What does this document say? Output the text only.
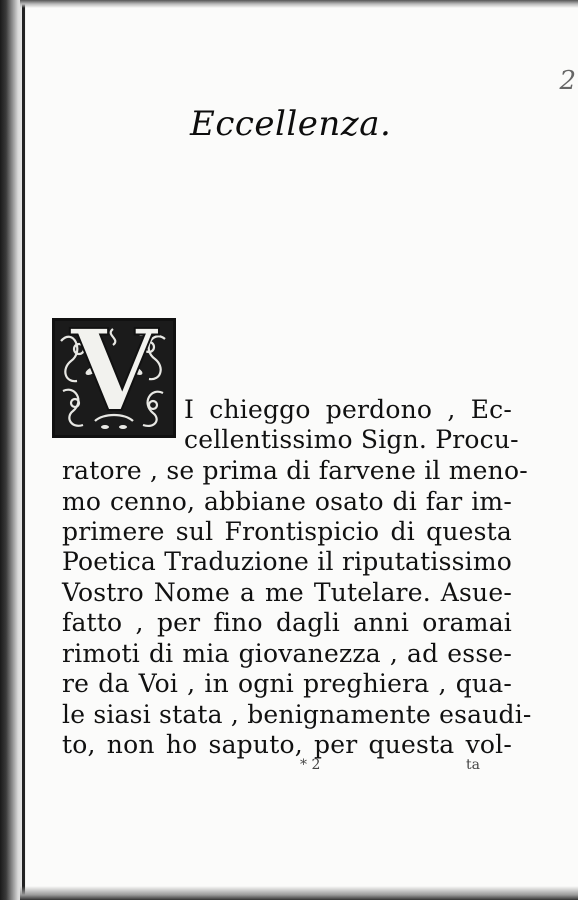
2
Eccellenza.
V	I chieggo perdono , Ec-
cellentissimo Sign. Procu-
ratore , se prima di farvene il meno-
mo cenno, abbiane osato di far im-
primere sul Frontispicio di questa
Poetica Traduzione il riputatissimo
Vostro Nome a me Tutelare. Asue-
fatto , per fino dagli anni oramai
rimoti di mia giovanezza , ad esse-
re da Voi , in ogni preghiera , qua-
le siasi stata , benignamente esaudi-
to, non ho saputo, per questa vol-
* 2	ta
